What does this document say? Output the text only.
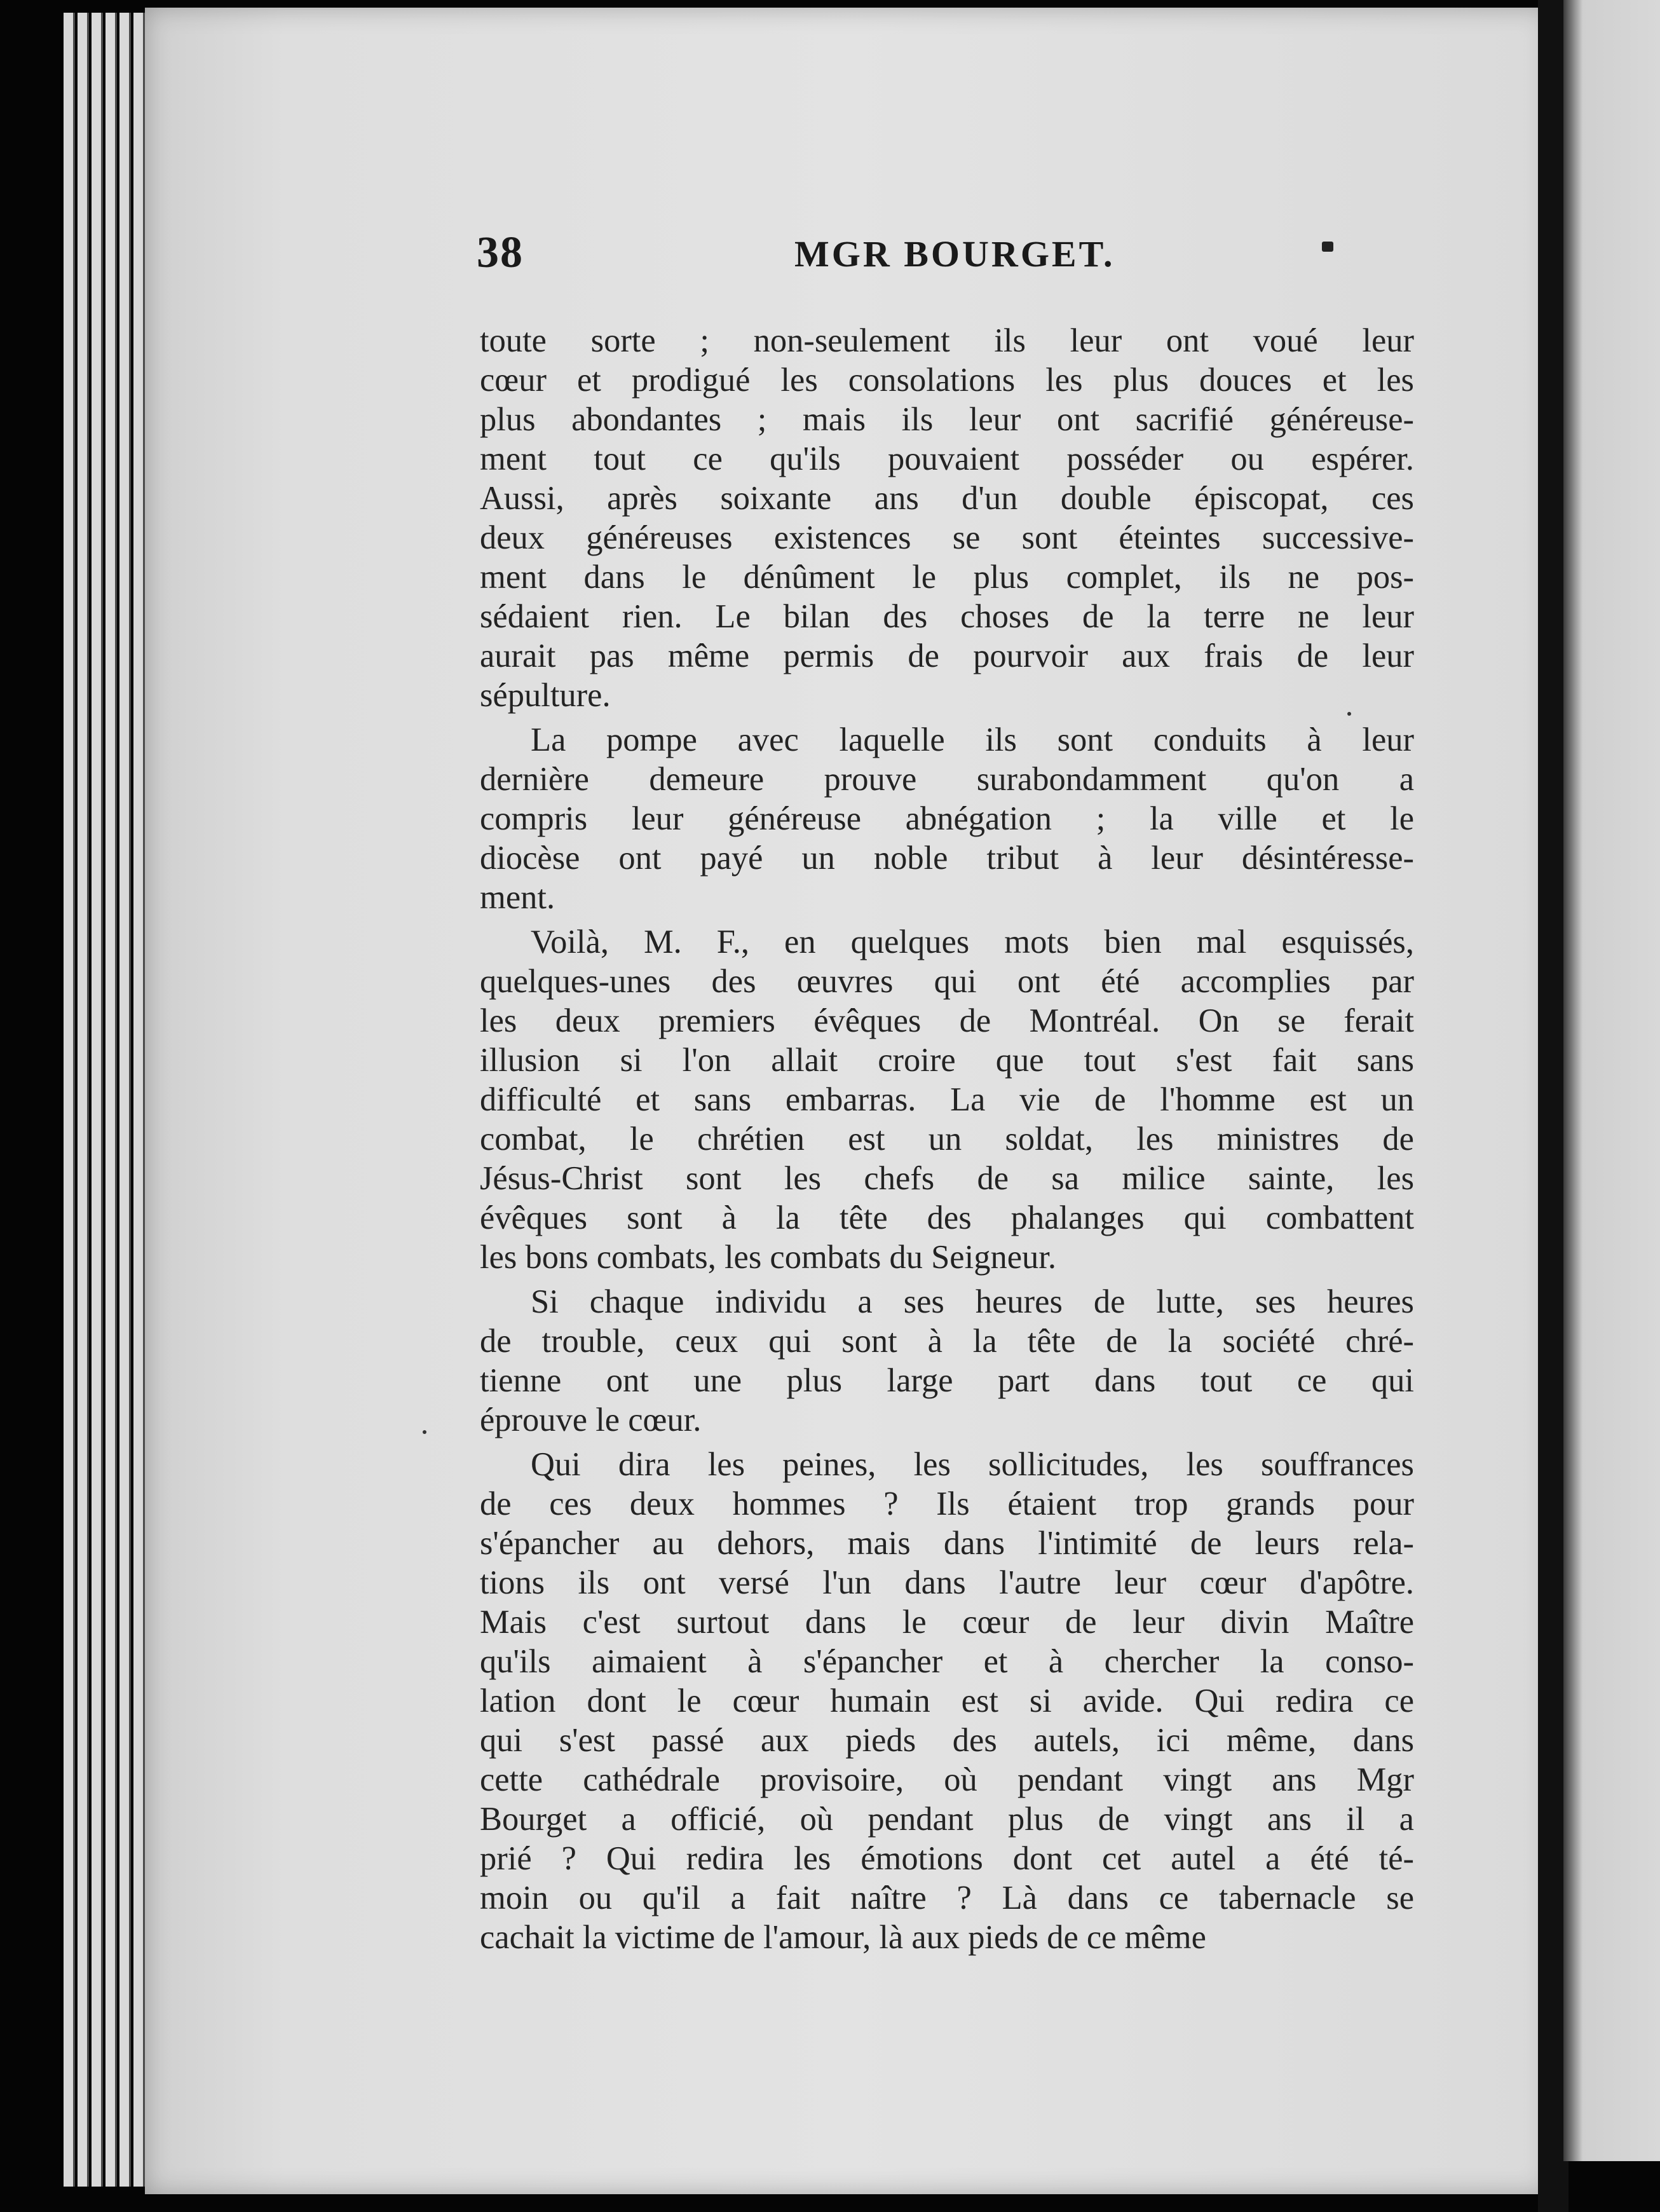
38	MGR BOURGET.
toute sorte ; non-seulement ils leur ont voué leur
cœur et prodigué les consolations les plus douces et les
plus abondantes ; mais ils leur ont sacrifié généreuse-
ment tout ce qu'ils pouvaient posséder ou espérer.
Aussi, après soixante ans d'un double épiscopat, ces
deux généreuses existences se sont éteintes successive-
ment dans le dénûment le plus complet, ils ne pos-
sédaient rien. Le bilan des choses de la terre ne leur
aurait pas même permis de pourvoir aux frais de leur
sépulture.
La pompe avec laquelle ils sont conduits à leur
dernière demeure prouve surabondamment qu'on a
compris leur généreuse abnégation ; la ville et le
diocèse ont payé un noble tribut à leur désintéresse-
ment.
Voilà, M. F., en quelques mots bien mal esquissés,
quelques-unes des œuvres qui ont été accomplies par
les deux premiers évêques de Montréal. On se ferait
illusion si l'on allait croire que tout s'est fait sans
difficulté et sans embarras. La vie de l'homme est un
combat, le chrétien est un soldat, les ministres de
Jésus-Christ sont les chefs de sa milice sainte, les
évêques sont à la tête des phalanges qui combattent
les bons combats, les combats du Seigneur.
Si chaque individu a ses heures de lutte, ses heures
de trouble, ceux qui sont à la tête de la société chré-
tienne ont une plus large part dans tout ce qui
éprouve le cœur.
Qui dira les peines, les sollicitudes, les souffrances
de ces deux hommes ? Ils étaient trop grands pour
s'épancher au dehors, mais dans l'intimité de leurs rela-
tions ils ont versé l'un dans l'autre leur cœur d'apôtre.
Mais c'est surtout dans le cœur de leur divin Maître
qu'ils aimaient à s'épancher et à chercher la conso-
lation dont le cœur humain est si avide. Qui redira ce
qui s'est passé aux pieds des autels, ici même, dans
cette cathédrale provisoire, où pendant vingt ans Mgr
Bourget a officié, où pendant plus de vingt ans il a
prié ? Qui redira les émotions dont cet autel a été té-
moin ou qu'il a fait naître ? Là dans ce tabernacle se
cachait la victime de l'amour, là aux pieds de ce même
